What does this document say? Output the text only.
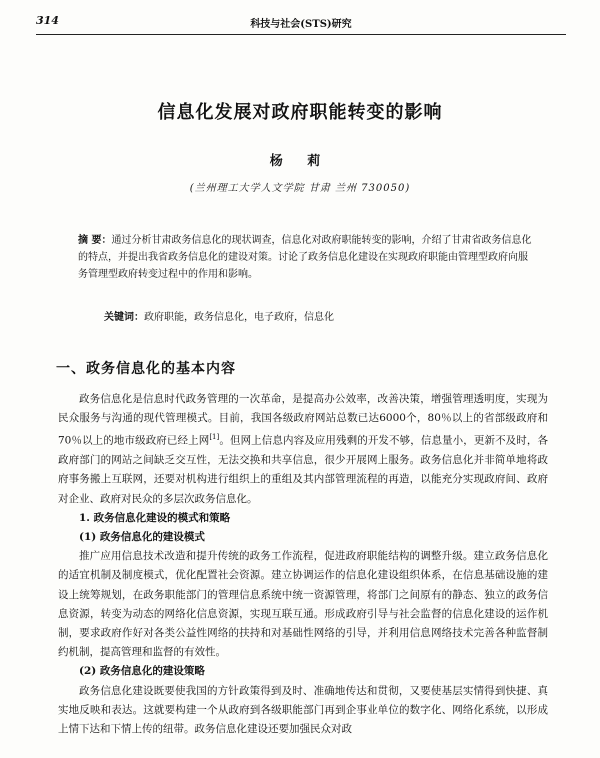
314	科技与社会(STS)研究
信息化发展对政府职能转变的影响
杨 莉
(兰州理工大学人文学院 甘肃 兰州 730050)
摘 要：通过分析甘肃政务信息化的现状调查，信息化对政府职能转变的影响，介绍了甘肃省政务信息化的特点，并提出我省政务信息化的建设对策。讨论了政务信息化建设在实现政府职能由管理型政府向服务管理型政府转变过程中的作用和影响。
关键词：政府职能，政务信息化，电子政府，信息化
一、政务信息化的基本内容

政务信息化是信息时代政务管理的一次革命，是提高办公效率，改善决策，增强管理透明度，实现为民众服务与沟通的现代管理模式。目前，我国各级政府网站总数已达6000个，80％以上的省部级政府和70％以上的地市级政府已经上网[1]。但网上信息内容及应用残剩的开发不够，信息量小，更新不及时，各政府部门的网站之间缺乏交互性，无法交换和共享信息，很少开展网上服务。政务信息化并非简单地将政府事务搬上互联网，还要对机构进行组织上的重组及其内部管理流程的再造，以能充分实现政府间、政府对企业、政府对民众的多层次政务信息化。

1. 政务信息化建设的模式和策略
(1) 政务信息化的建设模式

推广应用信息技术改造和提升传统的政务工作流程，促进政府职能结构的调整升级。建立政务信息化的适宜机制及制度模式，优化配置社会资源。建立协调运作的信息化建设组织体系，在信息基础设施的建设上统筹规划，在政务职能部门的管理信息系统中统一资源管理，将部门之间原有的静态、独立的政务信息资源，转变为动态的网络化信息资源，实现互联互通。形成政府引导与社会监督的信息化建设的运作机制，要求政府作好对各类公益性网络的扶持和对基础性网络的引导，并利用信息网络技术完善各种监督制约机制，提高管理和监督的有效性。

(2) 政务信息化的建设策略

政务信息化建设既要使我国的方针政策得到及时、准确地传达和贯彻，又要使基层实情得到快捷、真实地反映和表达。这就要构建一个从政府到各级职能部门再到企事业单位的数字化、网络化系统，以形成上情下达和下情上传的纽带。政务信息化建设还要加强民众对政
